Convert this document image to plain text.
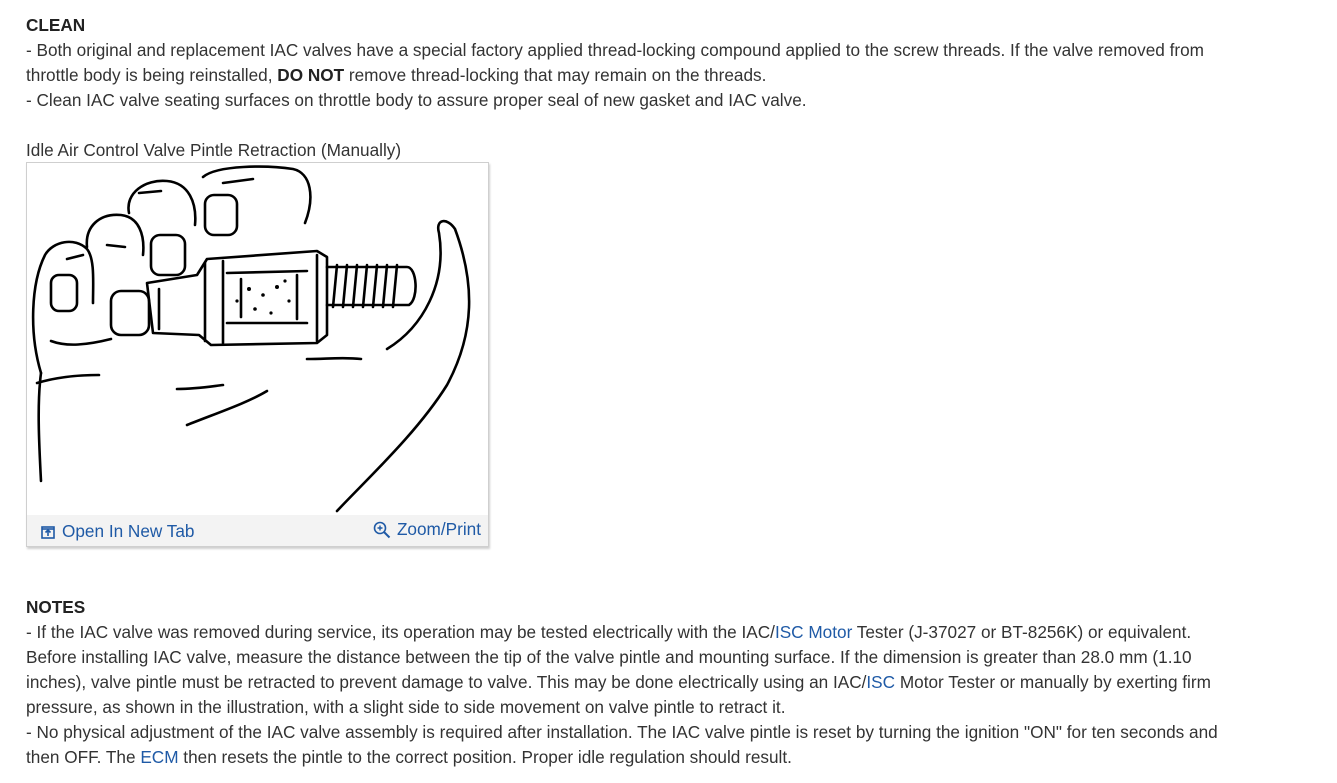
CLEAN

- Both original and replacement IAC valves have a special factory applied thread-locking compound applied to the screw threads. If the valve removed from throttle body is being reinstalled, DO NOT remove thread-locking that may remain on the threads.

- Clean IAC valve seating surfaces on throttle body to assure proper seal of new gasket and IAC valve.

Idle Air Control Valve Pintle Retraction (Manually)
Open In New Tab	Zoom/Print
NOTES

- If the IAC valve was removed during service, its operation may be tested electrically with the IAC/ISC Motor Tester (J-37027 or BT-8256K) or equivalent. Before installing IAC valve, measure the distance between the tip of the valve pintle and mounting surface. If the dimension is greater than 28.0 mm (1.10 inches), valve pintle must be retracted to prevent damage to valve. This may be done electrically using an IAC/ISC Motor Tester or manually by exerting firm pressure, as shown in the illustration, with a slight side to side movement on valve pintle to retract it.

- No physical adjustment of the IAC valve assembly is required after installation. The IAC valve pintle is reset by turning the ignition "ON" for ten seconds and then OFF. The ECM then resets the pintle to the correct position. Proper idle regulation should result.
